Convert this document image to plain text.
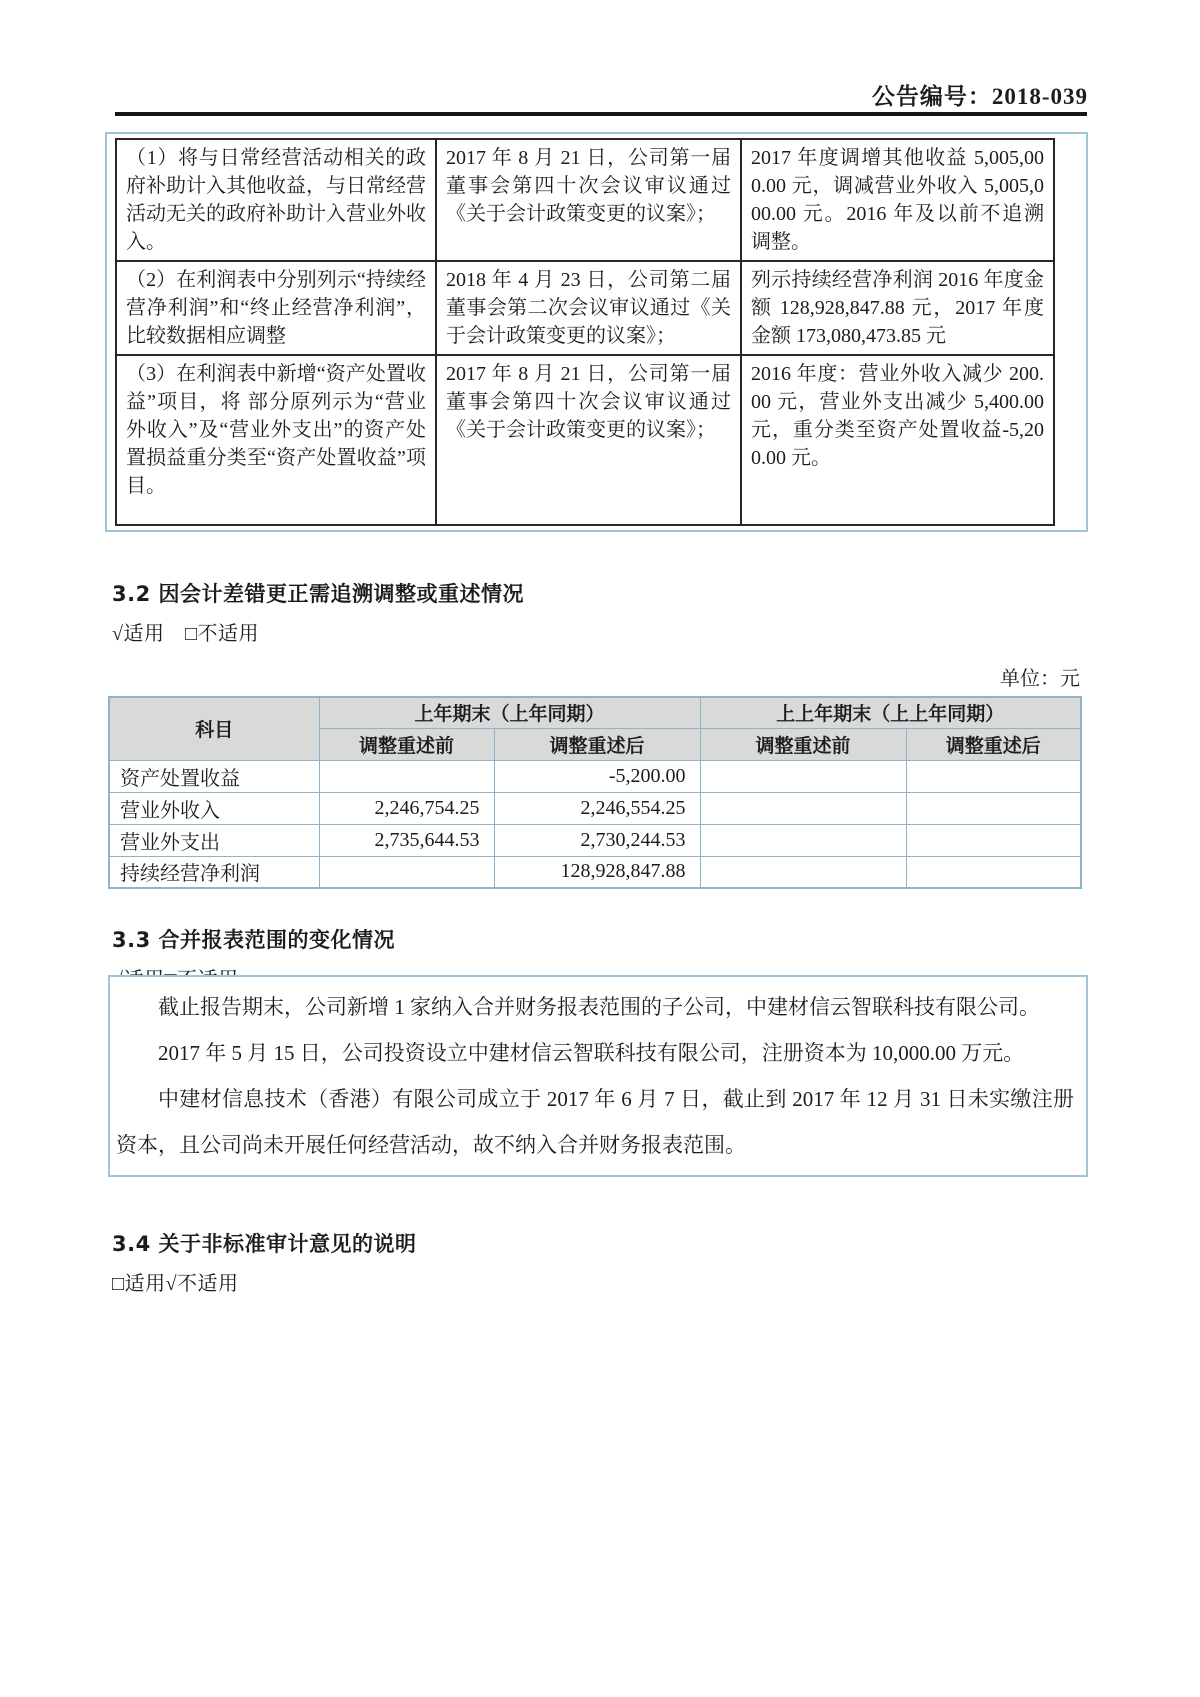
公告编号：2018-039
（1）将与日常经营活动相关的政府补助计入其他收益，与日常经营活动无关的政府补助计入营业外收入。	2017 年 8 月 21 日，公司第一届董事会第四十次会议审议通过《关于会计政策变更的议案》；	2017 年度调增其他收益 5,005,000.00 元，调减营业外收入 5,005,000.00 元。2016 年及以前不追溯调整。
（2）在利润表中分别列示“持续经营净利润”和“终止经营净利润”，比较数据相应调整	2018 年 4 月 23 日，公司第二届董事会第二次会议审议通过《关于会计政策变更的议案》；	列示持续经营净利润 2016 年度金额 128,928,847.88 元，2017 年度金额 173,080,473.85 元
（3）在利润表中新增“资产处置收益”项目，将 部分原列示为“营业外收入”及“营业外支出”的资产处置损益重分类至“资产处置收益”项目。	2017 年 8 月 21 日，公司第一届董事会第四十次会议审议通过《关于会计政策变更的议案》；	2016 年度：营业外收入减少 200.00 元，营业外支出减少 5,400.00 元，重分类至资产处置收益-5,200.00 元。
3.2 因会计差错更正需追溯调整或重述情况
√适用　□不适用
单位：元
科目	上年期末（上年同期）		上上年期末（上上年同期）	
	调整重述前	调整重述后	调整重述前	调整重述后
资产处置收益		-5,200.00		
营业外收入	2,246,754.25	2,246,554.25		
营业外支出	2,735,644.53	2,730,244.53		
持续经营净利润		128,928,847.88		
3.3 合并报表范围的变化情况

截止报告期末，公司新增 1 家纳入合并财务报表范围的子公司，中建材信云智联科技有限公司。

2017 年 5 月 15 日，公司投资设立中建材信云智联科技有限公司，注册资本为 10,000.00 万元。

中建材信息技术（香港）有限公司成立于 2017 年 6 月 7 日，截止到 2017 年 12 月 31 日未实缴注册资本，且公司尚未开展任何经营活动，故不纳入合并财务报表范围。

3.4 关于非标准审计意见的说明
□适用√不适用
